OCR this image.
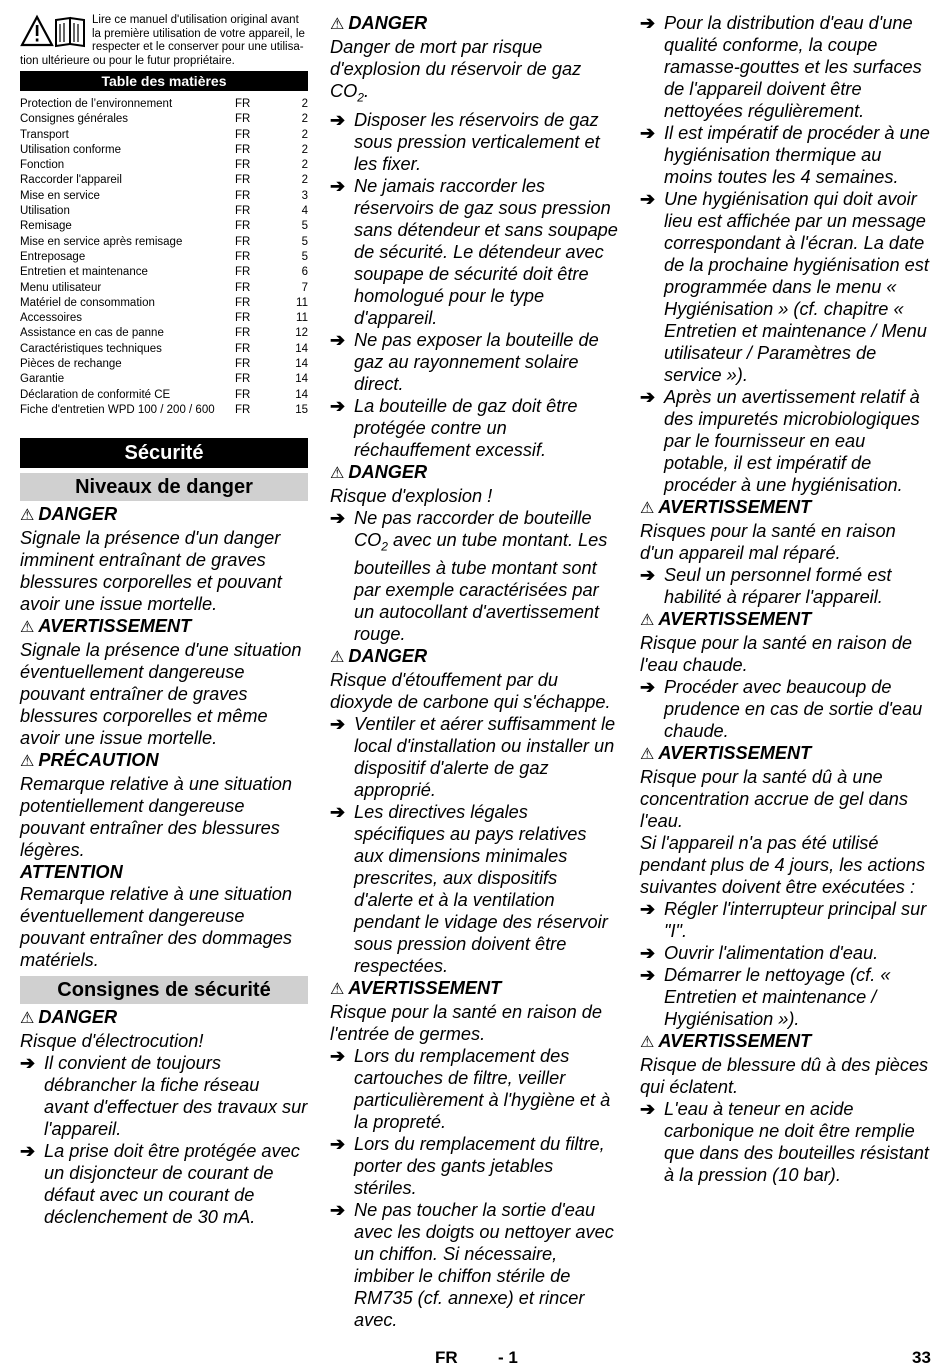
Lire ce manuel d'utilisation original avant la première utilisation de votre appareil, le respecter et le conserver pour une utilisa-
tion ultérieure ou pour le futur propriétaire.
Table des matières
Protection de l’environnement	FR	2
Consignes générales	FR	2
Transport	FR	2
Utilisation conforme	FR	2
Fonction	FR	2
Raccorder l'appareil	FR	2
Mise en service	FR	3
Utilisation	FR	4
Remisage	FR	5
Mise en service après remisage	FR	5
Entreposage	FR	5
Entretien et maintenance	FR	6
Menu utilisateur	FR	7
Matériel de consommation	FR	11
Accessoires	FR	11
Assistance en cas de panne	FR	12
Caractéristiques techniques	FR	14
Pièces de rechange	FR	14
Garantie	FR	14
Déclaration de conformité CE	FR	14
Fiche d'entretien WPD 100 / 200 / 600 FR	15
Sécurité
Niveaux de danger
⚠ DANGER
Signale la présence d'un danger imminent entraînant de graves blessures corporelles et pouvant avoir une issue mortelle.
⚠ AVERTISSEMENT
Signale la présence d'une situation éventuellement dangereuse pouvant entraîner de graves blessures corporelles et même avoir une issue mortelle.
⚠ PRÉCAUTION
Remarque relative à une situation potentiellement dangereuse pouvant entraîner des blessures légères.
ATTENTION
Remarque relative à une situation éventuellement dangereuse pouvant entraîner des dommages matériels.
Consignes de sécurité
⚠ DANGER
Risque d'électrocution!
➔ Il convient de toujours débrancher la fiche réseau avant d'effectuer des travaux sur l'appareil.
➔ La prise doit être protégée avec un disjoncteur de courant de défaut avec un courant de déclenchement de 30 mA.
⚠ DANGER
Danger de mort par risque d'explosion du réservoir de gaz $CO_2$.
➔ Disposer les réservoirs de gaz sous pression verticalement et les fixer.
➔ Ne jamais raccorder les réservoirs de gaz sous pression sans détendeur et sans soupape de sécurité. Le détendeur avec soupape de sécurité doit être homologué pour le type d'appareil.
➔ Ne pas exposer la bouteille de gaz au rayonnement solaire direct.
➔ La bouteille de gaz doit être protégée contre un réchauffement excessif.
⚠ DANGER
Risque d'explosion !
➔ Ne pas raccorder de bouteille $CO_2$ avec un tube montant. Les bouteilles à tube montant sont par exemple caractérisées par un autocollant d'avertissement rouge.
⚠ DANGER
Risque d'étouffement par du dioxyde de carbone qui s'échappe.
➔ Ventiler et aérer suffisamment le local d'installation ou installer un dispositif d'alerte de gaz approprié.
➔ Les directives légales spécifiques au pays relatives aux dimensions minimales prescrites, aux dispositifs d'alerte et à la ventilation pendant le vidage des réservoir sous pression doivent être respectées.
⚠ AVERTISSEMENT
Risque pour la santé en raison de l'entrée de germes.
➔ Lors du remplacement des cartouches de filtre, veiller particulièrement à l'hygiène et à la propreté.
➔ Lors du remplacement du filtre, porter des gants jetables stériles.
➔ Ne pas toucher la sortie d'eau avec les doigts ou nettoyer avec un chiffon. Si nécessaire, imbiber le chiffon stérile de RM735 (cf. annexe) et rincer avec.
➔ Pour la distribution d'eau d'une qualité conforme, la coupe ramasse-gouttes et les surfaces de l'appareil doivent être nettoyées régulièrement.
➔ Il est impératif de procéder à une hygiénisation thermique au moins toutes les 4 semaines.
➔ Une hygiénisation qui doit avoir lieu est affichée par un message correspondant à l'écran. La date de la prochaine hygiénisation est programmée dans le menu « Hygiénisation » (cf. chapitre « Entretien et maintenance / Menu utilisateur / Paramètres de service »).
➔ Après un avertissement relatif à des impuretés microbiologiques par le fournisseur en eau potable, il est impératif de procéder à une hygiénisation.
⚠ AVERTISSEMENT
Risques pour la santé en raison d'un appareil mal réparé.
➔ Seul un personnel formé est habilité à réparer l'appareil.
⚠ AVERTISSEMENT
Risque pour la santé en raison de l'eau chaude.
➔ Procéder avec beaucoup de prudence en cas de sortie d'eau chaude.
⚠ AVERTISSEMENT
Risque pour la santé dû à une concentration accrue de gel dans l'eau.
Si l'appareil n'a pas été utilisé pendant plus de 4 jours, les actions suivantes doivent être exécutées :
➔ Régler l'interrupteur principal sur "I".
➔ Ouvrir l'alimentation d'eau.
➔ Démarrer le nettoyage (cf. « Entretien et maintenance / Hygiénisation »).
⚠ AVERTISSEMENT
Risque de blessure dû à des pièces qui éclatent.
➔ L'eau à teneur en acide carbonique ne doit être remplie que dans des bouteilles résistant à la pression (10 bar).
FR - 1	33
